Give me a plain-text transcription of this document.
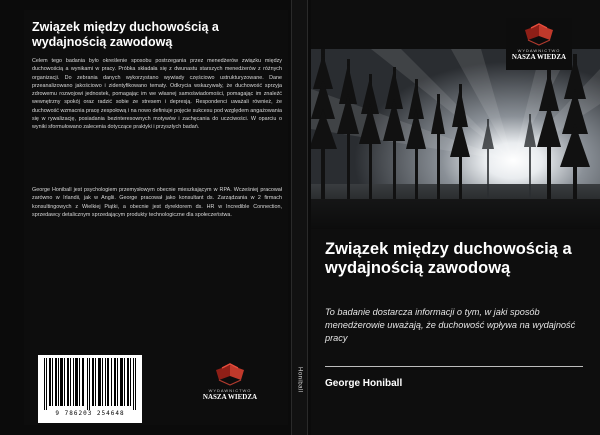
Związek między duchowością a wydajnością zawodową
Celem tego badania było określenie sposobu postrzegania przez menedżerów związku między duchowością a wynikami w pracy. Próbka składała się z dwunastu starszych menedżerów z różnych organizacji. Do zebrania danych wykorzystano wywiady częściowo ustrukturyzowane. Dane przeanalizowano jakościowo i zidentyfikowano tematy. Odkrycia wskazywały, że duchowość sprzyja zdrowemu rozwojowi jednostek, pomagając im we własnej samoświadomości, pomagając im znaleźć wewnętrzny spokój oraz radzić sobie ze stresem i depresją. Respondenci uważali również, że duchowość wzmacnia pracę zespołową i na nowo definiuje pojęcie sukcesu pod względem angażowania się w rywalizację, posiadania bezinteresownych motywów i zachęcania do uczciwości. W oparciu o wyniki sformułowano zalecenia dotyczące praktyki i przyszłych badań.
George Honiball jest psychologiem przemysłowym obecnie mieszkającym w RPA. Wcześniej pracował zarówno w Irlandii, jak w Anglii. George pracował jako konsultant ds. Zarządzania w 2 firmach konsultingowych z Wielkiej Piątki, a obecnie jest dyrektorem ds. HR w Incredible Connection, sprzedawcy detalicznym sprzedającym produkty technologiczne dla społeczeństwa.
9 786203 254648
WYDAWNICTWO
NASZA WIEDZA
Honiball
WYDAWNICTWO
NASZA WIEDZA
Związek między duchowością a wydajnością zawodową
To badanie dostarcza informacji o tym, w jaki sposób menedżerowie uważają, że duchowość wpływa na wydajność pracy
George Honiball
